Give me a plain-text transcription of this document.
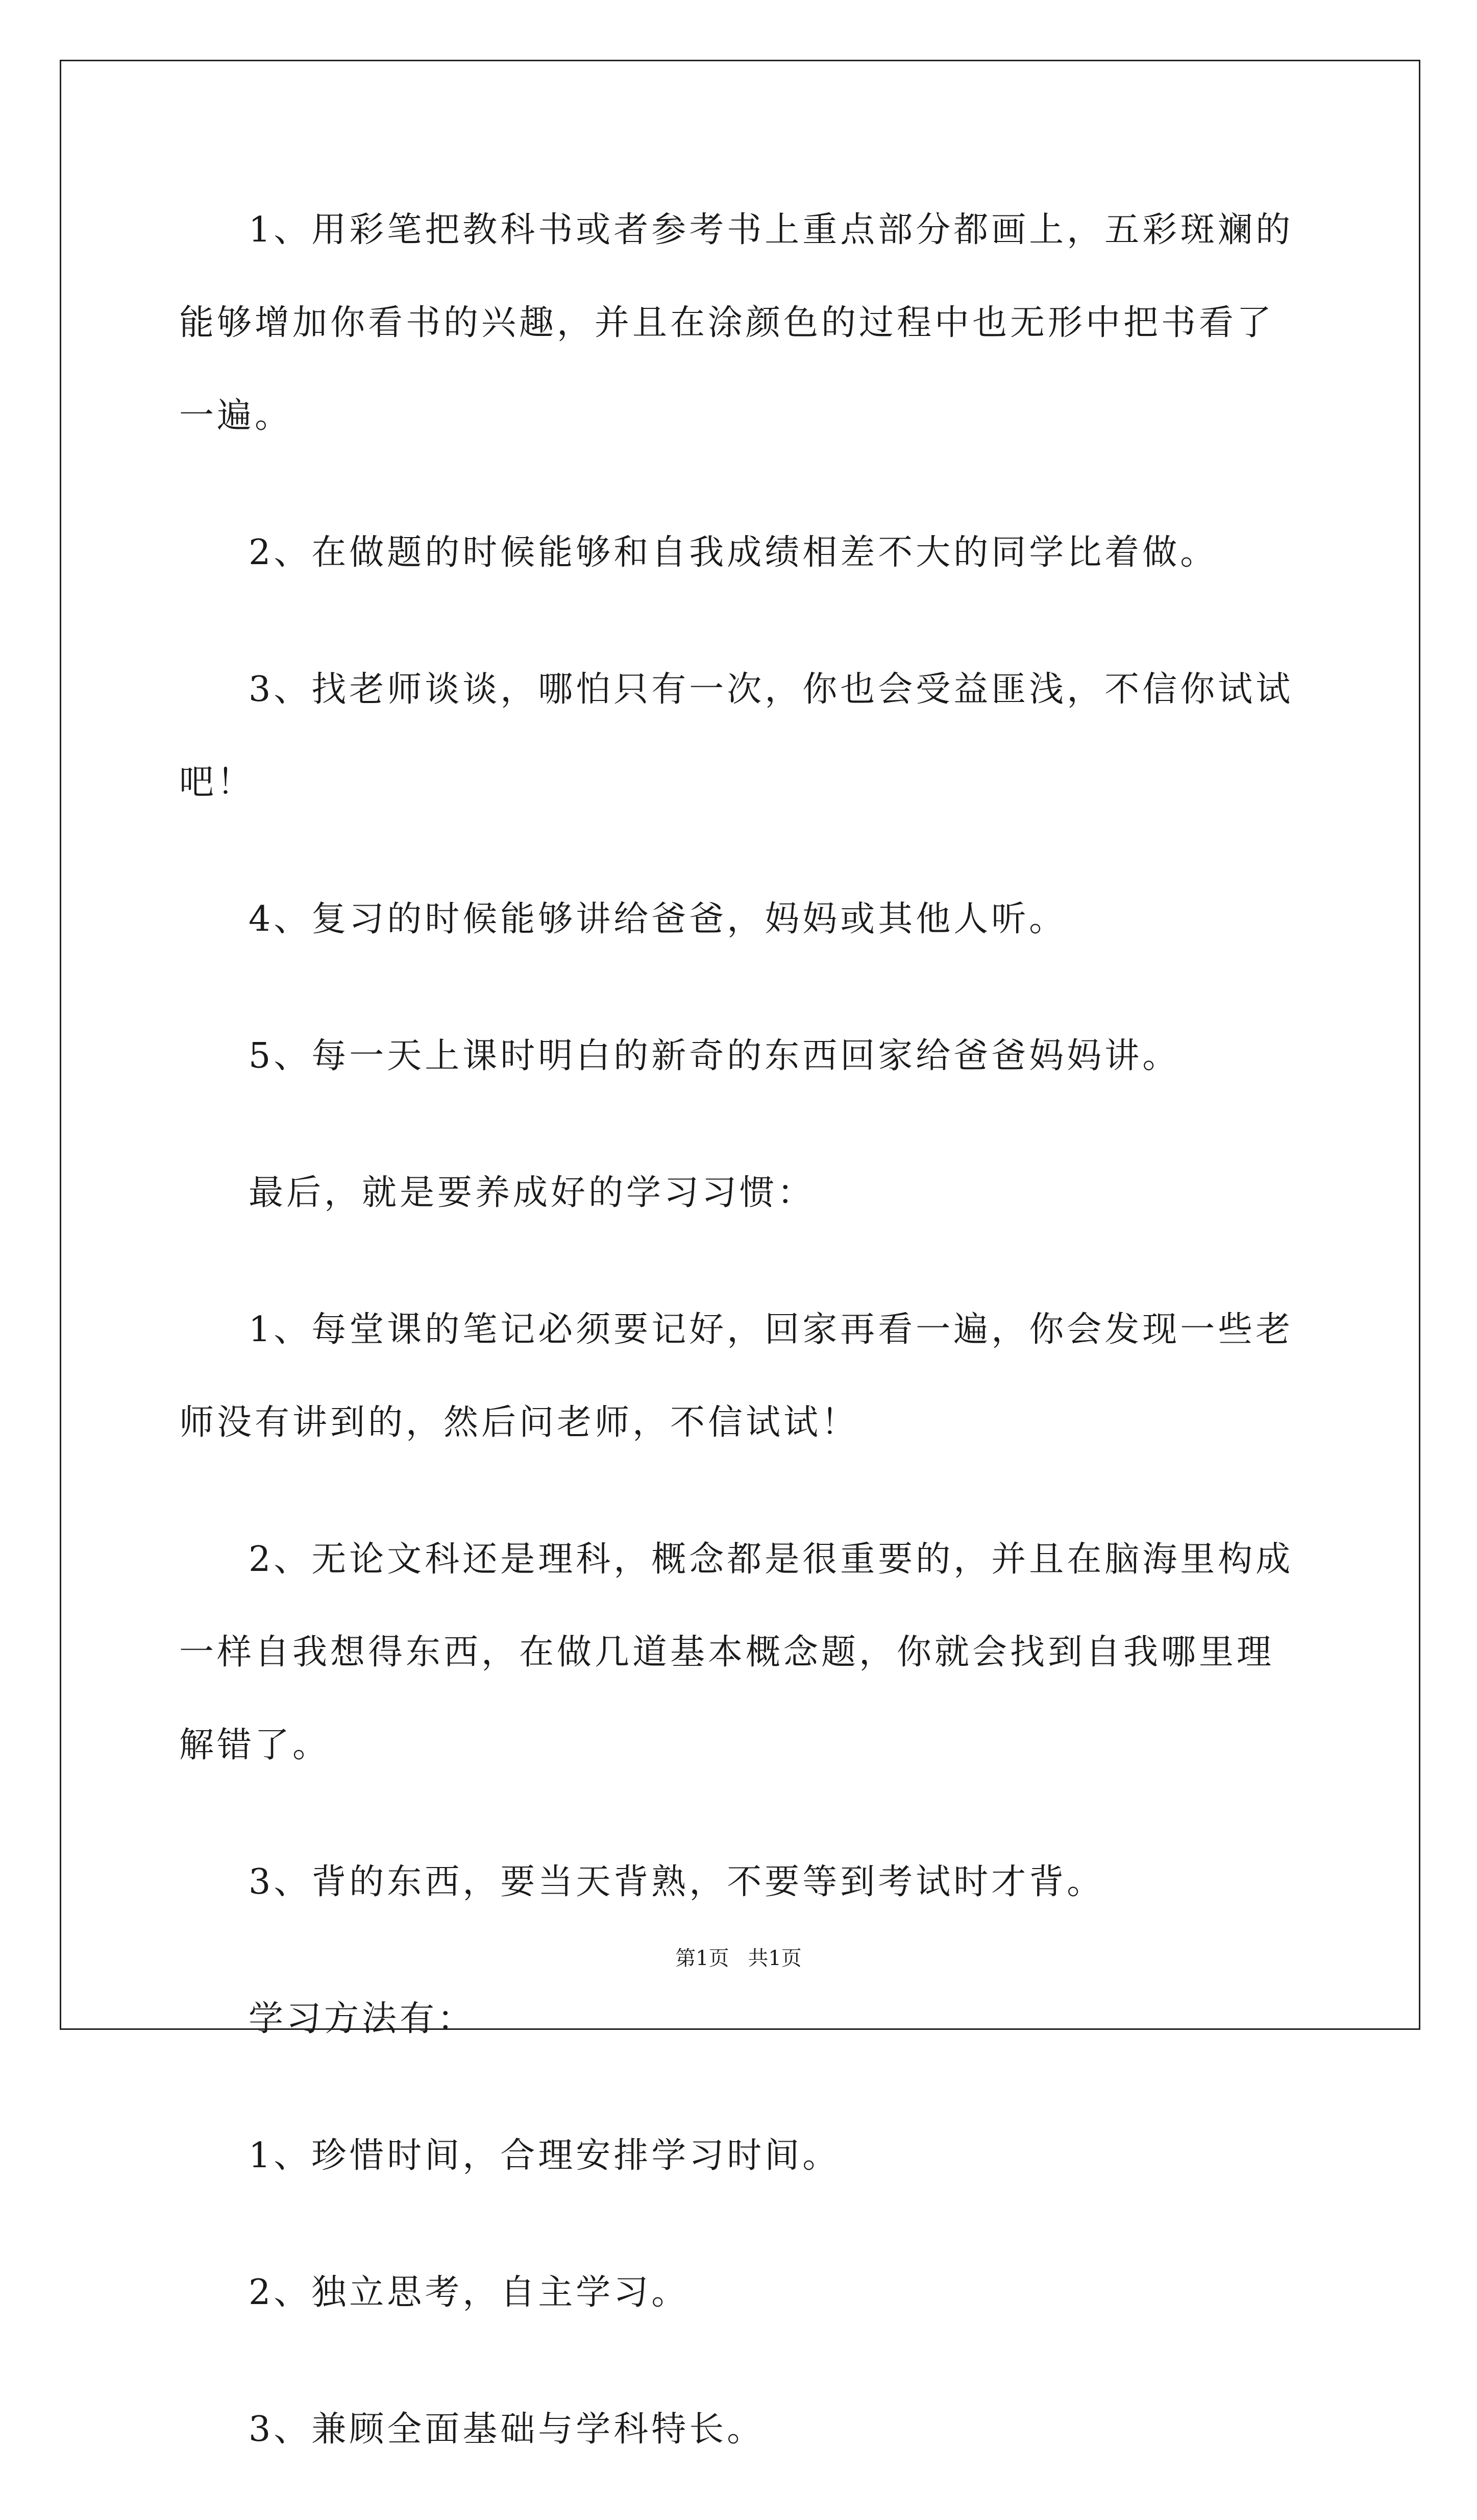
1、用彩笔把教科书或者参考书上重点部分都画上，五彩斑斓的能够增加你看书的兴趣，并且在涂颜色的过程中也无形中把书看了一遍。

2、在做题的时候能够和自我成绩相差不大的同学比着做。

3、找老师谈谈，哪怕只有一次，你也会受益匪浅，不信你试试吧！

4、复习的时候能够讲给爸爸，妈妈或其他人听。

5、每一天上课时明白的新奇的东西回家给爸爸妈妈讲。

最后，就是要养成好的学习习惯：

1、每堂课的笔记必须要记好，回家再看一遍，你会发现一些老师没有讲到的，然后问老师，不信试试！

2、无论文科还是理科，概念都是很重要的，并且在脑海里构成一样自我想得东西，在做几道基本概念题，你就会找到自我哪里理解错了。

3、背的东西，要当天背熟，不要等到考试时才背。

学习方法有：

1、珍惜时间，合理安排学习时间。

2、独立思考，自主学习。

3、兼顾全面基础与学科特长。

第1页 共1页
